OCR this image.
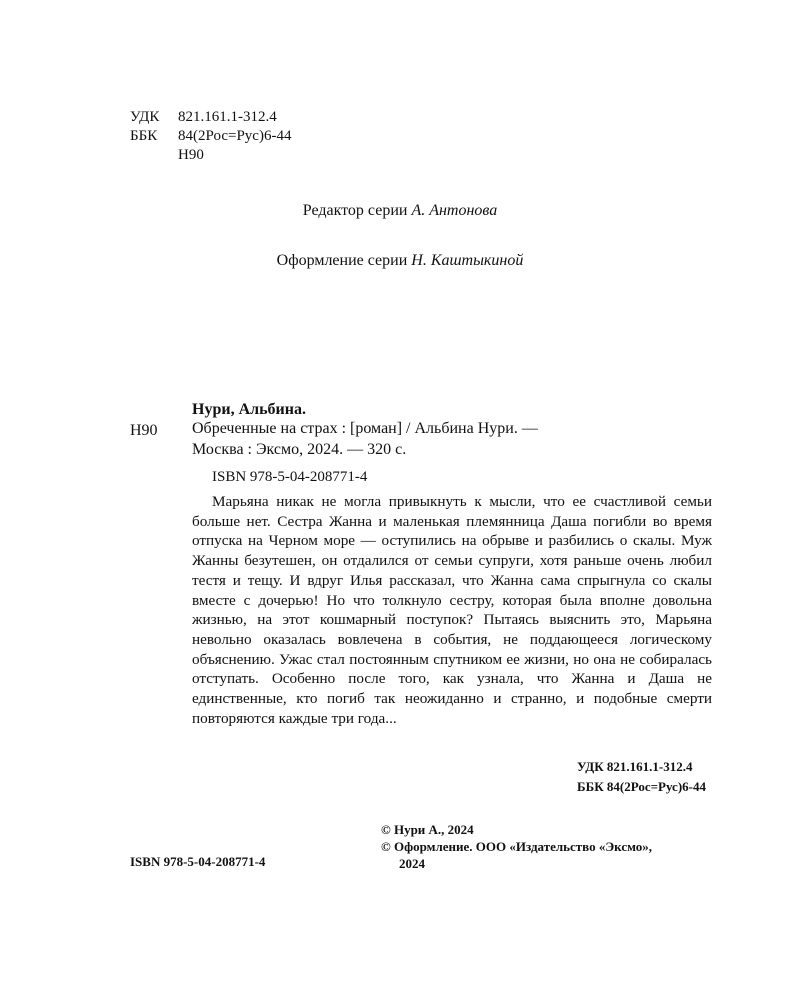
УДК	821.161.1-312.4
ББК	84(2Рос=Рус)6-44
Н90
Редактор серии А. Антонова
Оформление серии Н. Каштыкиной
Нури, Альбина.
Н90 Обреченные на страх : [роман] / Альбина Нури. —
Москва : Эксмо, 2024. — 320 с.
ISBN 978-5-04-208771-4

Марьяна никак не могла привыкнуть к мысли, что ее счастливой семьи больше нет. Сестра Жанна и маленькая племянница Даша погибли во время отпуска на Черном море — оступились на обрыве и разбились о скалы. Муж Жанны безутешен, он отдалился от семьи супруги, хотя раньше очень любил тестя и тещу. И вдруг Илья рассказал, что Жанна сама спрыгнула со скалы вместе с дочерью! Но что толкнуло сестру, которая была вполне довольна жизнью, на этот кошмарный поступок? Пытаясь выяснить это, Марьяна невольно оказалась вовлечена в события, не поддающееся логическому объяснению. Ужас стал постоянным спутником ее жизни, но она не собиралась отступать. Особенно после того, как узнала, что Жанна и Даша не единственные, кто погиб так неожиданно и странно, и подобные смерти повторяются каждые три года...

УДК 821.161.1-312.4
ББК 84(2Рос=Рус)6-44
© Нури А., 2024
© Оформление. ООО «Издательство «Эксмо»,
2024
ISBN 978-5-04-208771-4
